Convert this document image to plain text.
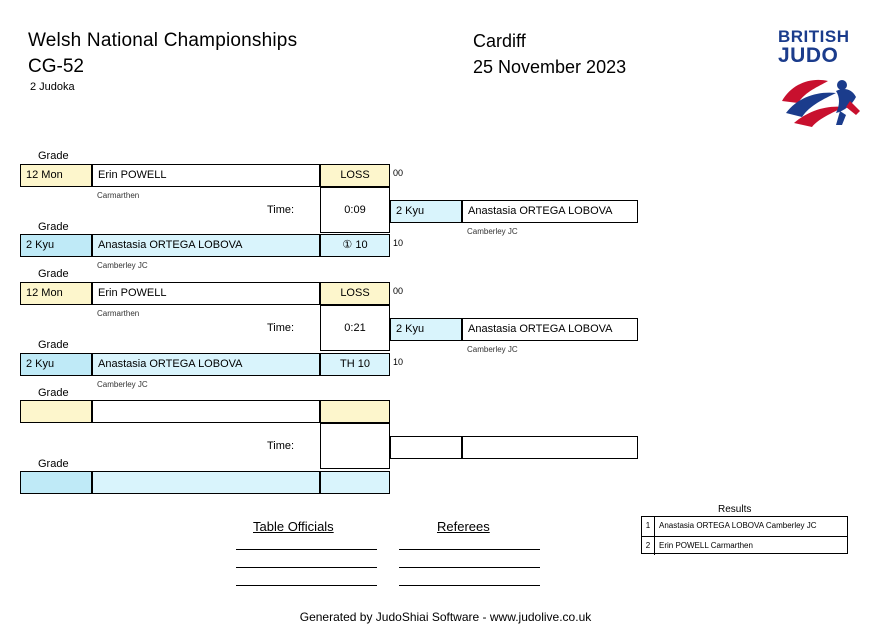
Welsh National Championships
CG-52
2 Judoka
Cardiff
25 November 2023
BRITISH
JUDO
Grade
12 Mon	Erin POWELL	LOSS	00
Carmarthen
Time:	0:09
Grade
2 Kyu	Anastasia ORTEGA LOBOVA	① 10	10
Camberley JC
2 Kyu	Anastasia ORTEGA LOBOVA
Camberley JC
Grade
12 Mon	Erin POWELL	LOSS	00
Carmarthen
Time:	0:21
Grade
2 Kyu	Anastasia ORTEGA LOBOVA	TH 10	10
Camberley JC
2 Kyu	Anastasia ORTEGA LOBOVA
Camberley JC
Grade
Time:
Grade
Table Officials	Referees
Results
1	Anastasia ORTEGA LOBOVA Camberley JC
2	Erin POWELL Carmarthen
Generated by JudoShiai Software - www.judolive.co.uk
